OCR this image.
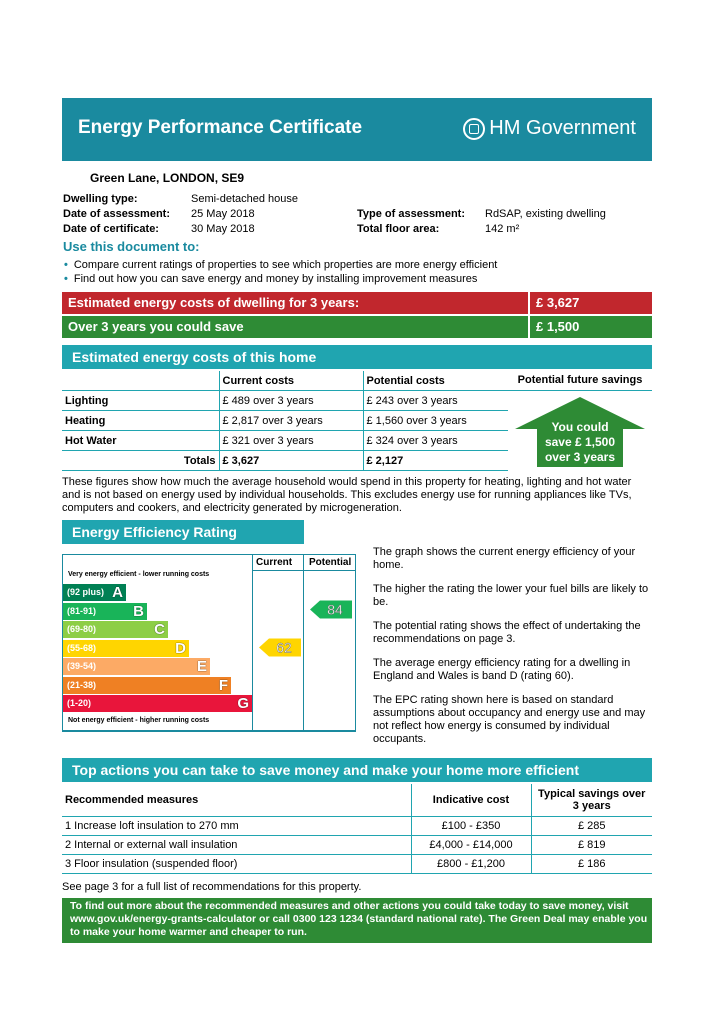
Energy Performance Certificate	HM Government
Green Lane, LONDON, SE9
Dwelling type:	Semi-detached house
Date of assessment: 25 May 2018
Date of certificate:	30 May 2018
Type of assessment: RdSAP, existing dwelling
Total floor area:	142 m²
Use this document to:
• Compare current ratings of properties to see which properties are more energy efficient
• Find out how you can save energy and money by installing improvement measures
Estimated energy costs of dwelling for 3 years:	£ 3,627
Over 3 years you could save	£ 1,500
Estimated energy costs of this home
	Current costs	Potential costs
Lighting	£ 489 over 3 years	£ 243 over 3 years
Heating	£ 2,817 over 3 years	£ 1,560 over 3 years
Hot Water	£ 321 over 3 years	£ 324 over 3 years
Totals	£ 3,627	£ 2,127
Potential future savings
You could
save £ 1,500
over 3 years
These figures show how much the average household would spend in this property for heating, lighting and hot water and is not based on energy used by individual households. This excludes energy use for running appliances like TVs, computers and cookers, and electricity generated by microgeneration.
Energy Efficiency Rating
Current Potential
Very energy efficient - lower running costs
Not energy efficient - higher running costs
(92 plus) A
(81-91) B
(69-80)	C
(55-68)	D
(39-54)	E
(21-38)	F
(1-20)	G
62
84
The graph shows the current energy efficiency of your home.
The higher the rating the lower your fuel bills are likely to be.
The potential rating shows the effect of undertaking the recommendations on page 3.
The average energy efficiency rating for a dwelling in England and Wales is band D (rating 60).
The EPC rating shown here is based on standard assumptions about occupancy and energy use and may not reflect how energy is consumed by individual occupants.
Top actions you can take to save money and make your home more efficient
Recommended measures	Indicative cost	Typical savings over 3 years
1 Increase loft insulation to 270 mm	£100 - £350	£ 285
2 Internal or external wall insulation	£4,000 - £14,000	£ 819
3 Floor insulation (suspended floor)	£800 - £1,200	£ 186
See page 3 for a full list of recommendations for this property.
To find out more about the recommended measures and other actions you could take today to save money, visit www.gov.uk/energy-grants-calculator or call 0300 123 1234 (standard national rate). The Green Deal may enable you to make your home warmer and cheaper to run.
